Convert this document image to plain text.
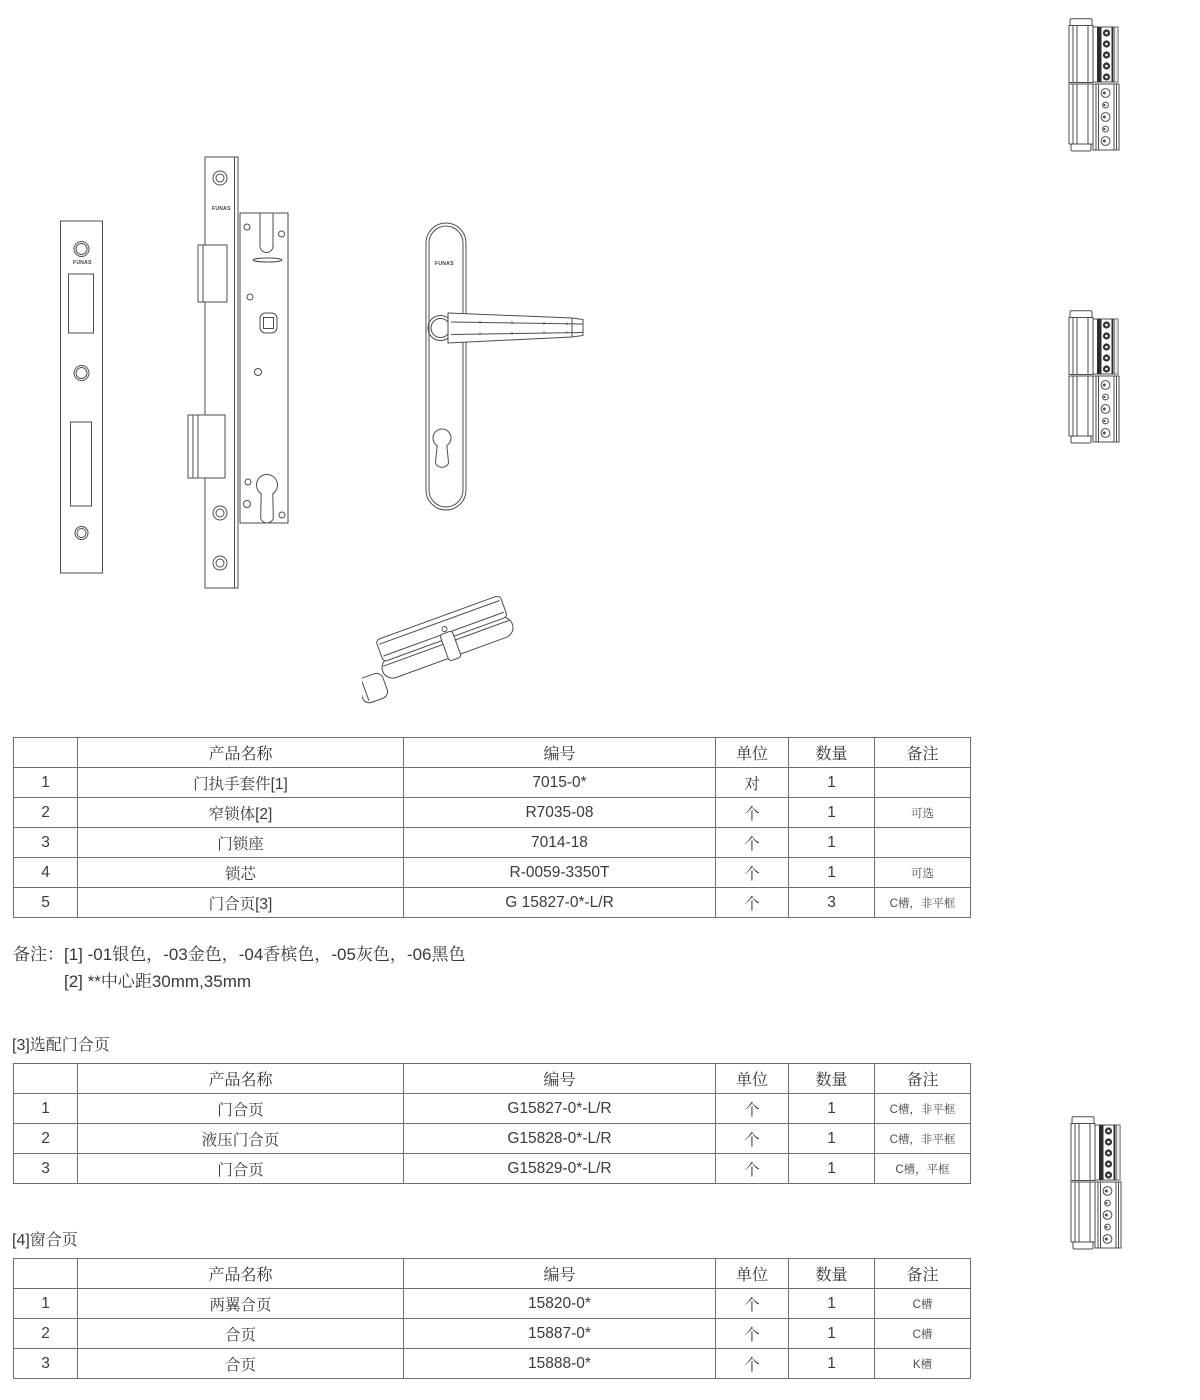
FUNAS
FUNAS
FUNAS
	产品名称	编号	单位	数量	备注
1	门执手套件[1]	7015-0*	对	1	
2	窄锁体[2]	R7035-08	个	1	可选
3	门锁座	7014-18	个	1	
4	锁芯	R-0059-3350T	个	1	可选
5	门合页[3]	G 15827-0*-L/R	个	3	C槽，非平框
备注： [1] -01银色，-03金色，-04香槟色，-05灰色，-06黑色
[2] **中心距30mm,35mm
[3]选配门合页
	产品名称	编号	单位	数量	备注
1	门合页	G15827-0*-L/R	个	1	C槽，非平框
2	液压门合页	G15828-0*-L/R	个	1	C槽，非平框
3	门合页	G15829-0*-L/R	个	1	C槽，平框
[4]窗合页
	产品名称	编号	单位	数量	备注
1	两翼合页	15820-0*	个	1	C槽
2	合页	15887-0*	个	1	C槽
3	合页	15888-0*	个	1	K槽
